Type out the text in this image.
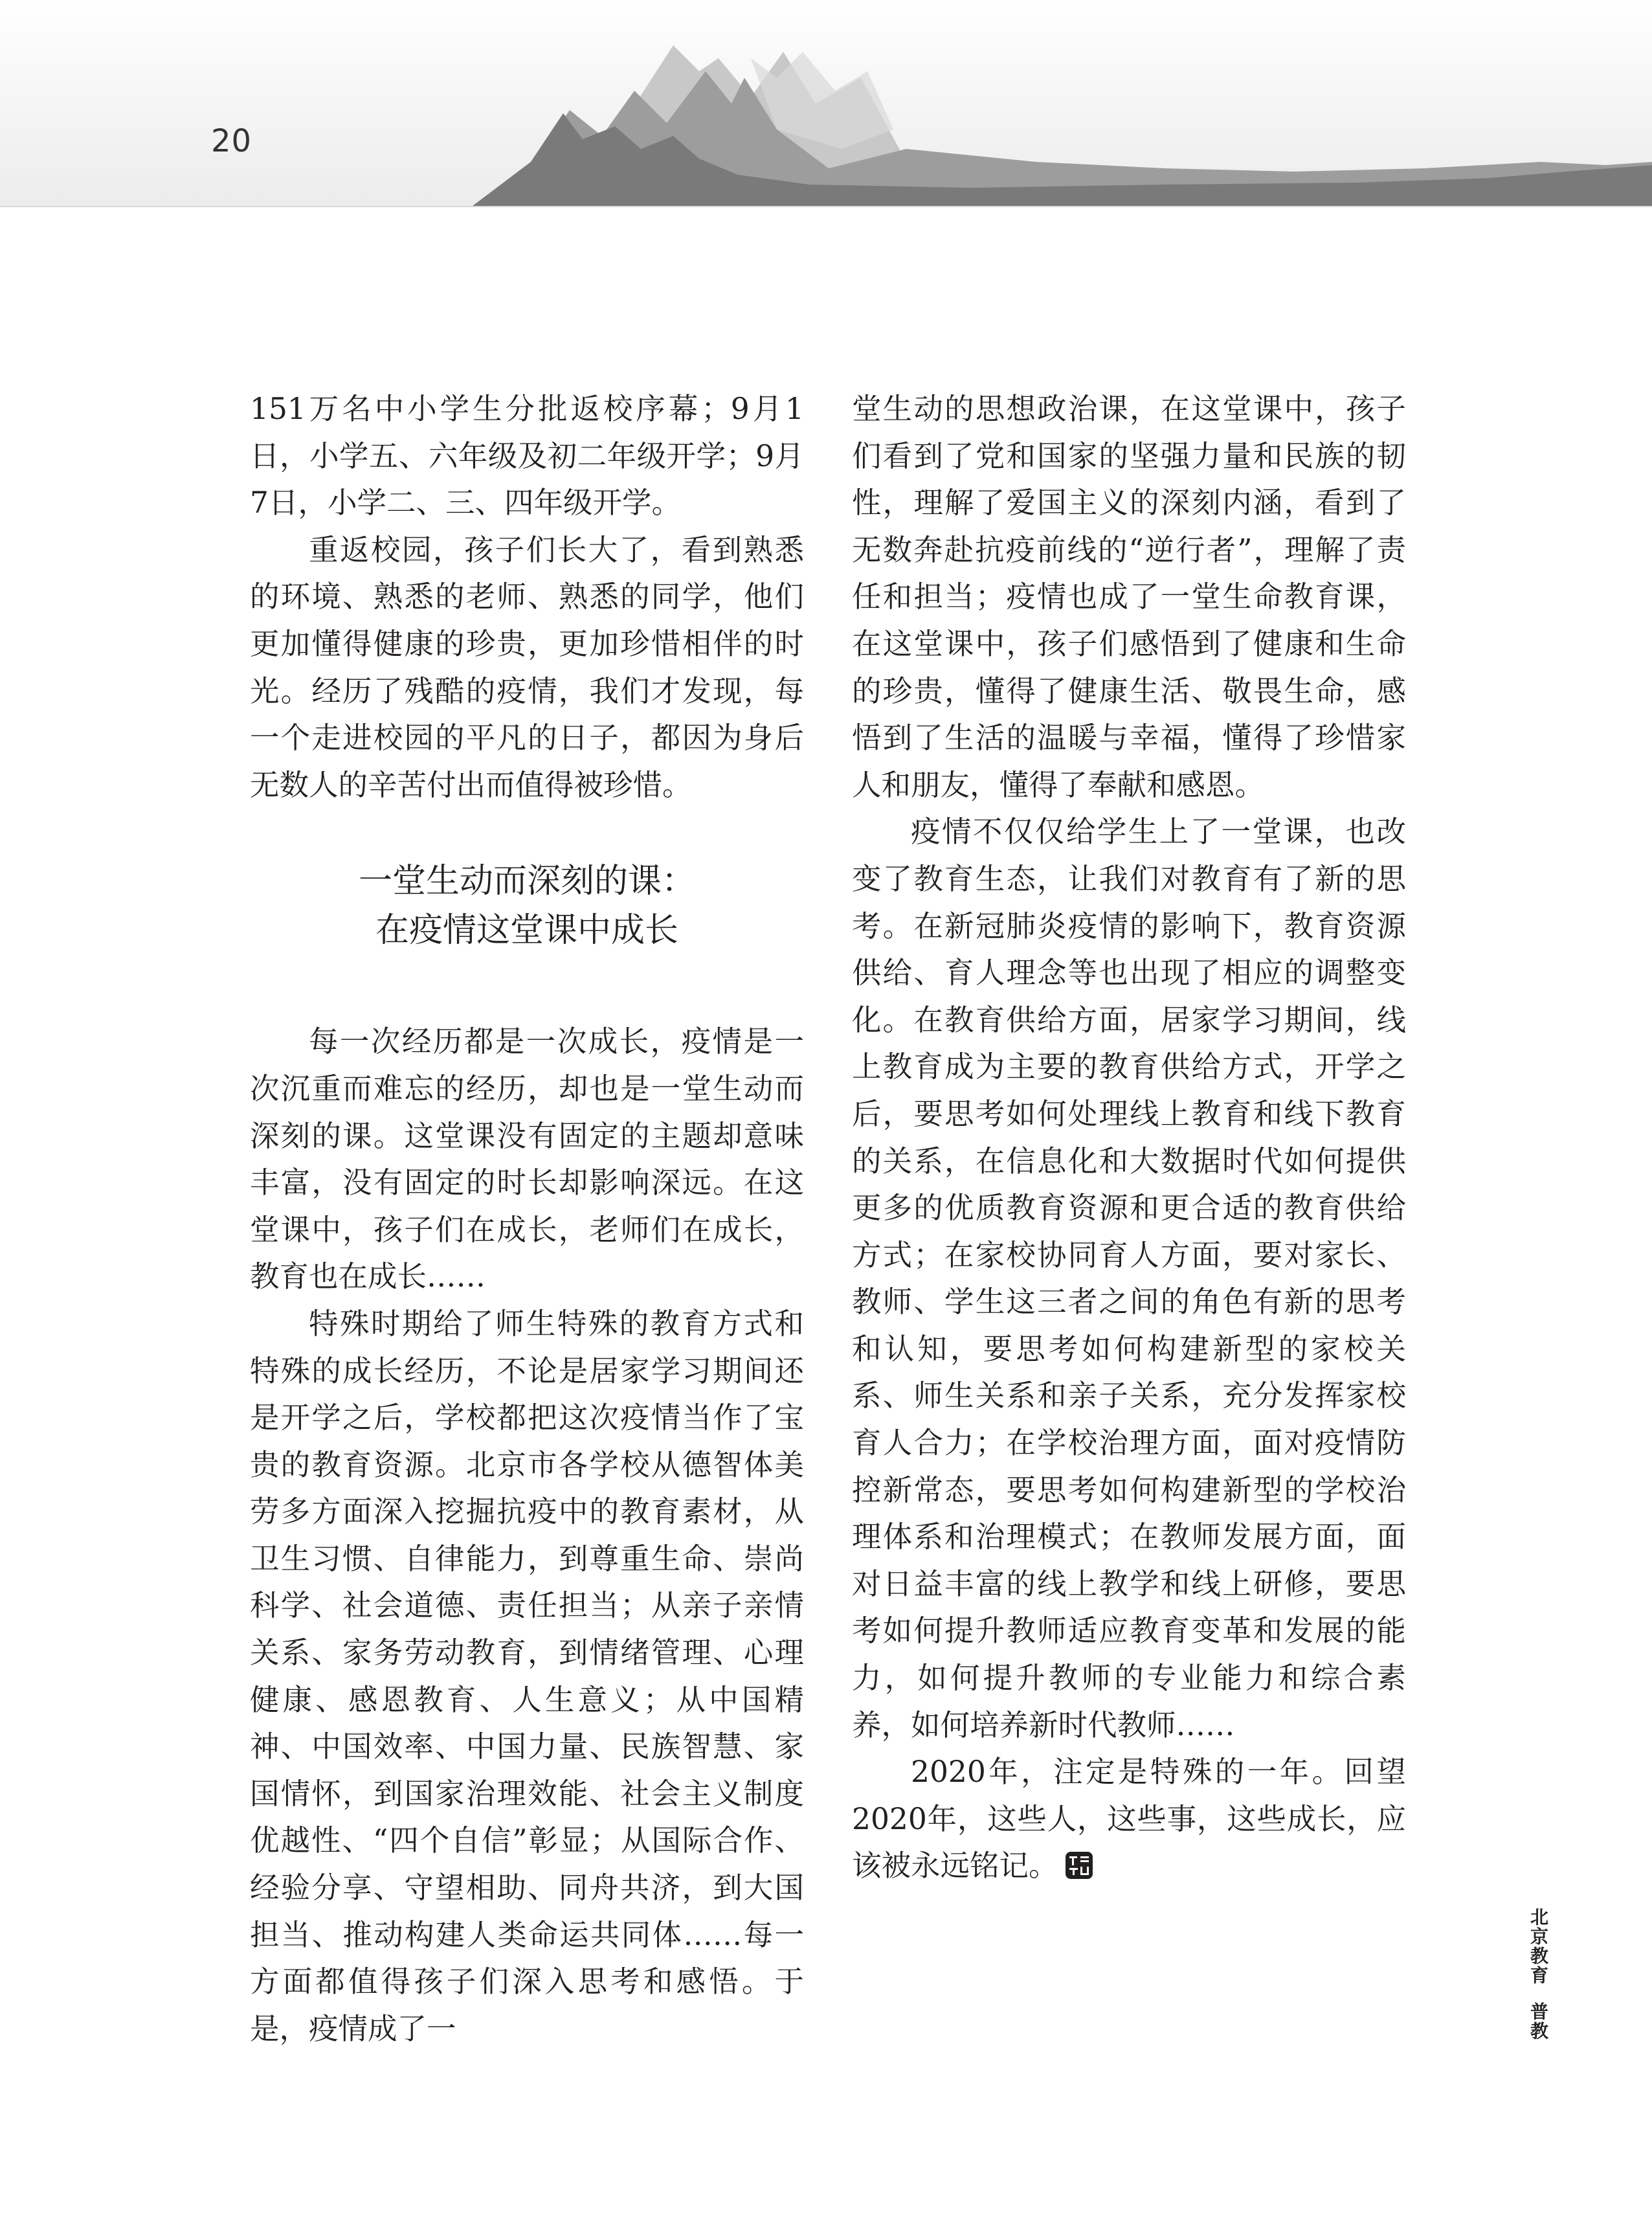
20

151万名中小学生分批返校序幕；9月1日，小学五、六年级及初二年级开学；9月7日，小学二、三、四年级开学。

重返校园，孩子们长大了，看到熟悉的环境、熟悉的老师、熟悉的同学，他们更加懂得健康的珍贵，更加珍惜相伴的时光。经历了残酷的疫情，我们才发现，每一个走进校园的平凡的日子，都因为身后无数人的辛苦付出而值得被珍惜。

一堂生动而深刻的课：
在疫情这堂课中成长

每一次经历都是一次成长，疫情是一次沉重而难忘的经历，却也是一堂生动而深刻的课。这堂课没有固定的主题却意味丰富，没有固定的时长却影响深远。在这堂课中，孩子们在成长，老师们在成长，教育也在成长……

特殊时期给了师生特殊的教育方式和特殊的成长经历，不论是居家学习期间还是开学之后，学校都把这次疫情当作了宝贵的教育资源。北京市各学校从德智体美劳多方面深入挖掘抗疫中的教育素材，从卫生习惯、自律能力，到尊重生命、崇尚科学、社会道德、责任担当；从亲子亲情关系、家务劳动教育，到情绪管理、心理健康、感恩教育、人生意义；从中国精神、中国效率、中国力量、民族智慧、家国情怀，到国家治理效能、社会主义制度优越性、“四个自信”彰显；从国际合作、经验分享、守望相助、同舟共济，到大国担当、推动构建人类命运共同体……每一方面都值得孩子们深入思考和感悟。于是，疫情成了一

堂生动的思想政治课，在这堂课中，孩子们看到了党和国家的坚强力量和民族的韧性，理解了爱国主义的深刻内涵，看到了无数奔赴抗疫前线的“逆行者”，理解了责任和担当；疫情也成了一堂生命教育课，在这堂课中，孩子们感悟到了健康和生命的珍贵，懂得了健康生活、敬畏生命，感悟到了生活的温暖与幸福，懂得了珍惜家人和朋友，懂得了奉献和感恩。

疫情不仅仅给学生上了一堂课，也改变了教育生态，让我们对教育有了新的思考。在新冠肺炎疫情的影响下，教育资源供给、育人理念等也出现了相应的调整变化。在教育供给方面，居家学习期间，线上教育成为主要的教育供给方式，开学之后，要思考如何处理线上教育和线下教育的关系，在信息化和大数据时代如何提供更多的优质教育资源和更合适的教育供给方式；在家校协同育人方面，要对家长、教师、学生这三者之间的角色有新的思考和认知，要思考如何构建新型的家校关系、师生关系和亲子关系，充分发挥家校育人合力；在学校治理方面，面对疫情防控新常态，要思考如何构建新型的学校治理体系和治理模式；在教师发展方面，面对日益丰富的线上教学和线上研修，要思考如何提升教师适应教育变革和发展的能力，如何提升教师的专业能力和综合素养，如何培养新时代教师……

2020年，注定是特殊的一年。回望2020年，这些人，这些事，这些成长，应该被永远铭记。

北京教育普教
